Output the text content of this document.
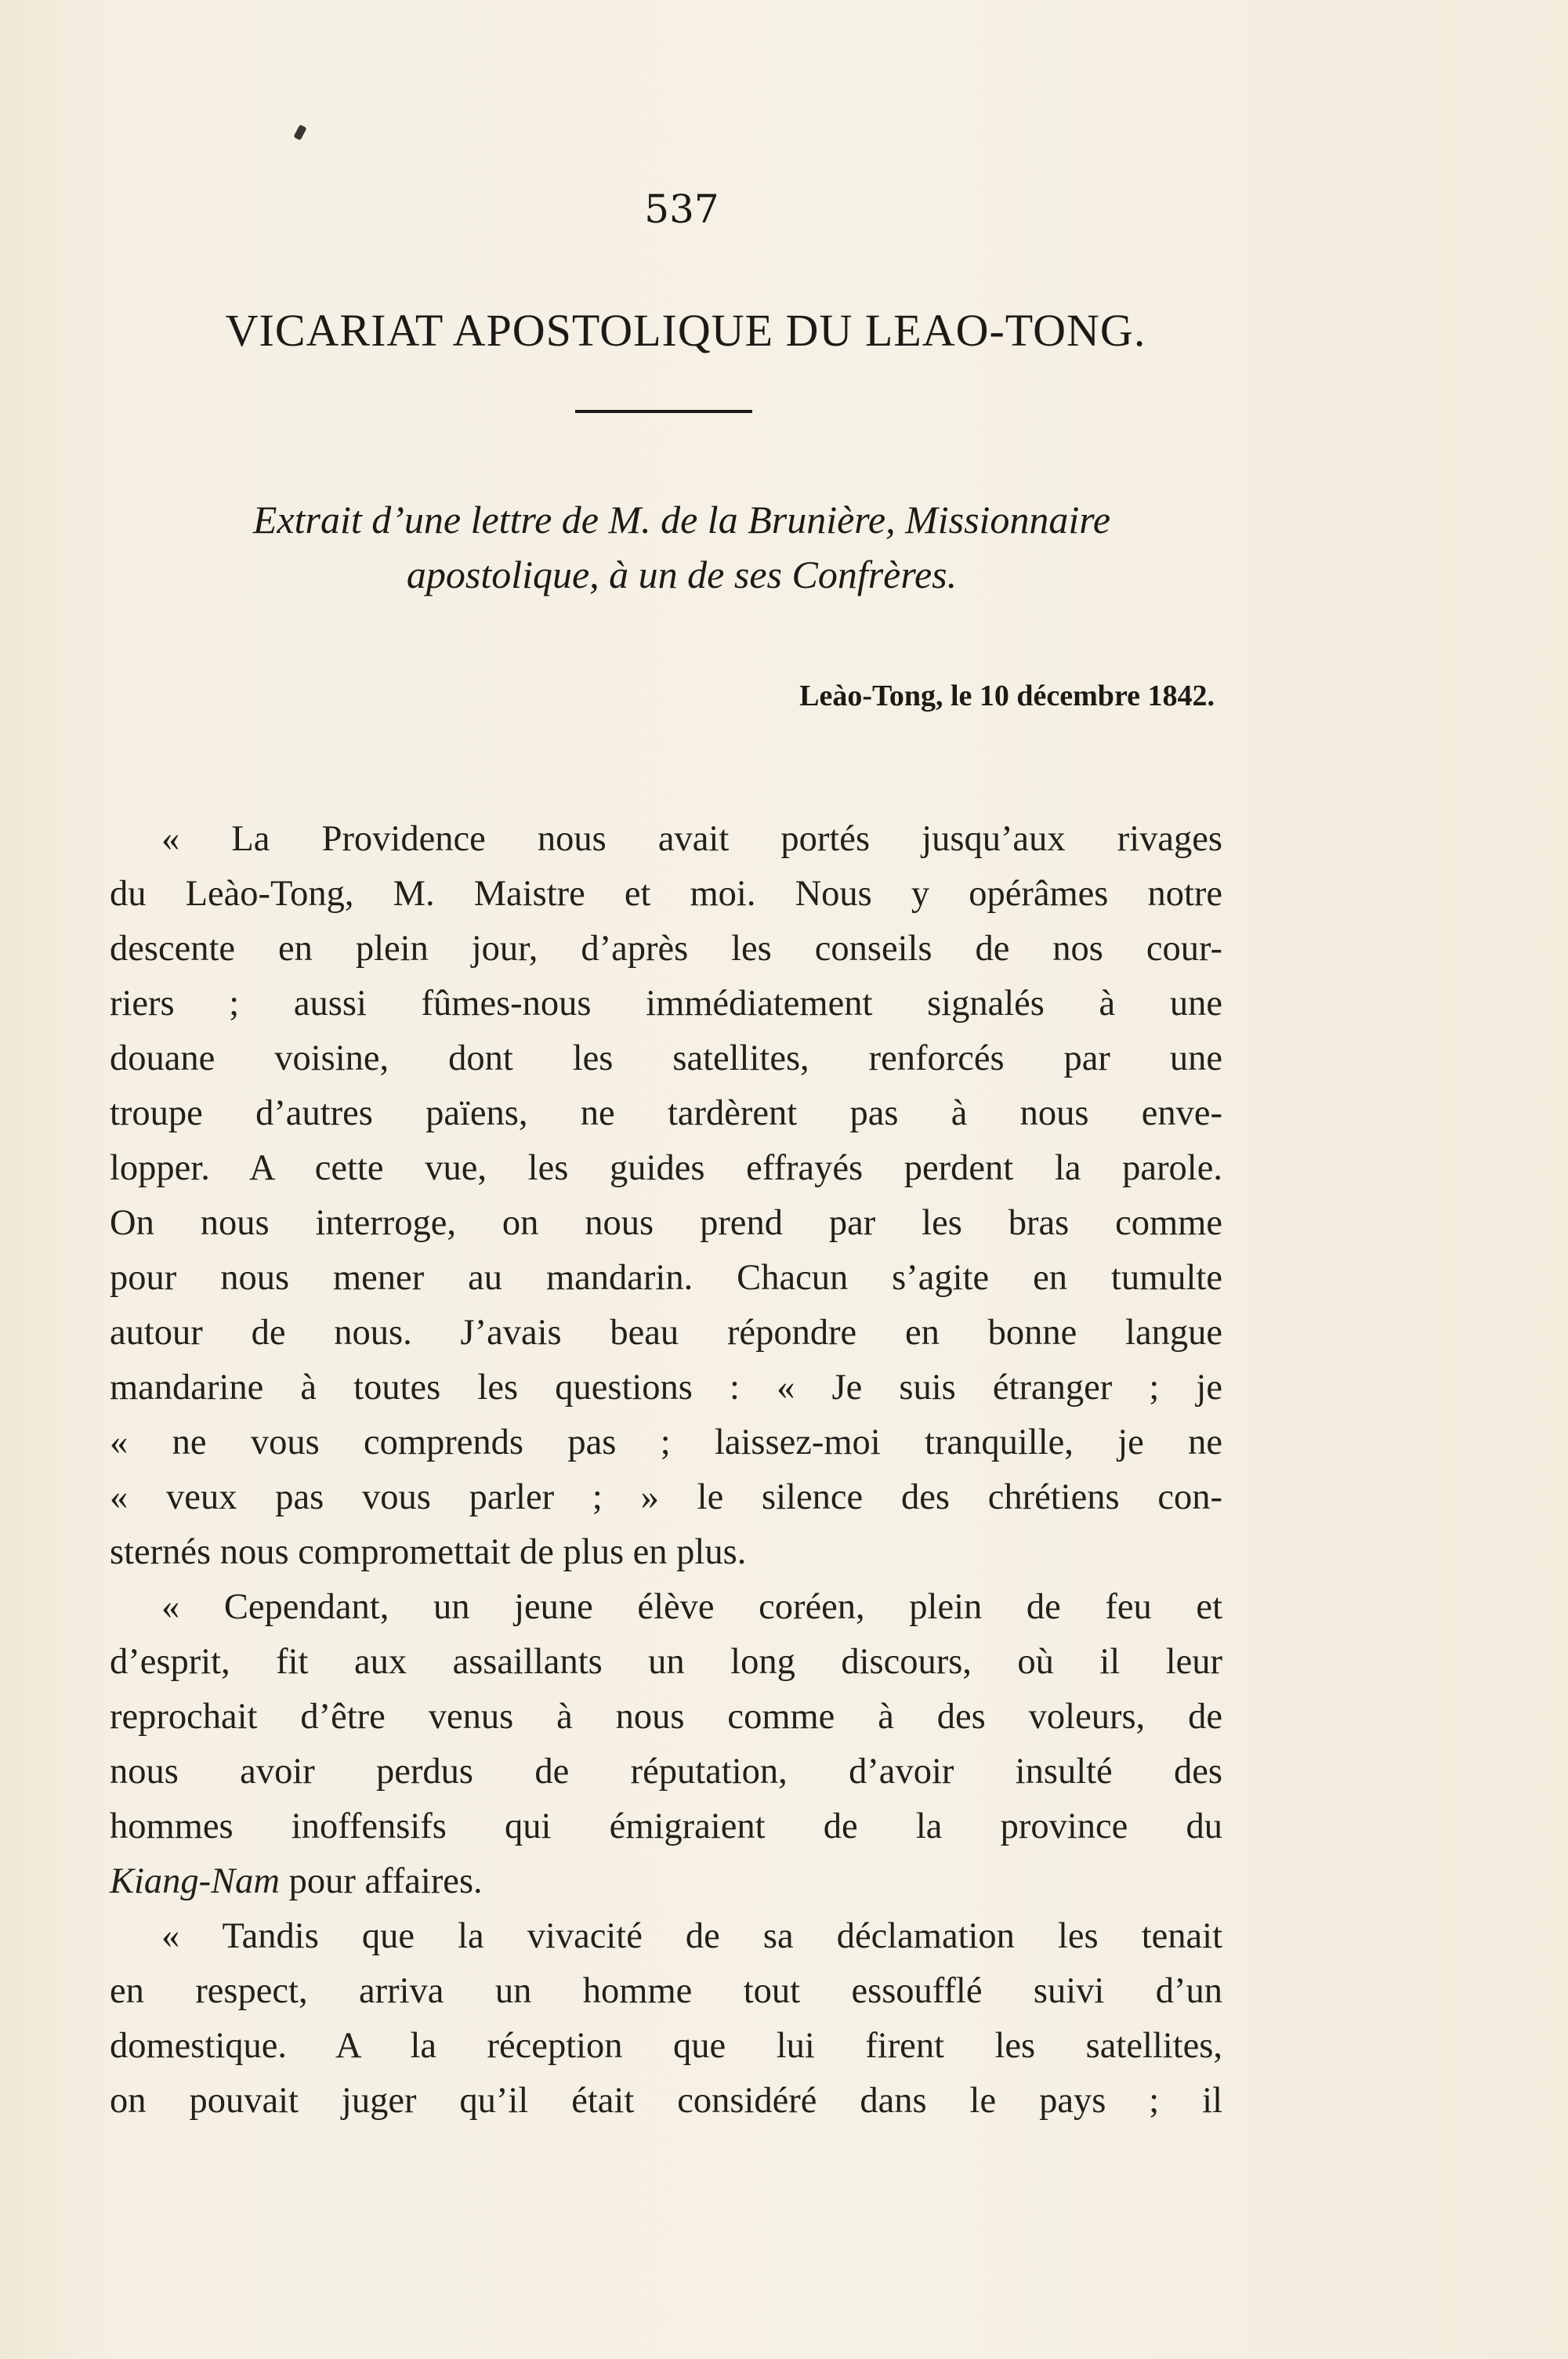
537
VICARIAT APOSTOLIQUE DU LEAO-TONG.
Extrait d’une lettre de M. de la Brunière, Missionnaire
apostolique, à un de ses Confrères.
Leào-Tong, le 10 décembre 1842.
« La Providence nous avait portés jusqu’aux rivages
du Leào-Tong, M. Maistre et moi. Nous y opérâmes notre
descente en plein jour, d’après les conseils de nos cour-
riers ; aussi fûmes-nous immédiatement signalés à une
douane voisine, dont les satellites, renforcés par une
troupe d’autres païens, ne tardèrent pas à nous enve-
lopper. A cette vue, les guides effrayés perdent la parole.
On nous interroge, on nous prend par les bras comme
pour nous mener au mandarin. Chacun s’agite en tumulte
autour de nous. J’avais beau répondre en bonne langue
mandarine à toutes les questions : « Je suis étranger ; je
« ne vous comprends pas ; laissez-moi tranquille, je ne
« veux pas vous parler ; » le silence des chrétiens con-
sternés nous compromettait de plus en plus.
« Cependant, un jeune élève coréen, plein de feu et
d’esprit, fit aux assaillants un long discours, où il leur
reprochait d’être venus à nous comme à des voleurs, de
nous avoir perdus de réputation, d’avoir insulté des
hommes inoffensifs qui émigraient de la province du
Kiang-Nam pour affaires.
« Tandis que la vivacité de sa déclamation les tenait
en respect, arriva un homme tout essoufflé suivi d’un
domestique. A la réception que lui firent les satellites,
on pouvait juger qu’il était considéré dans le pays ; il
